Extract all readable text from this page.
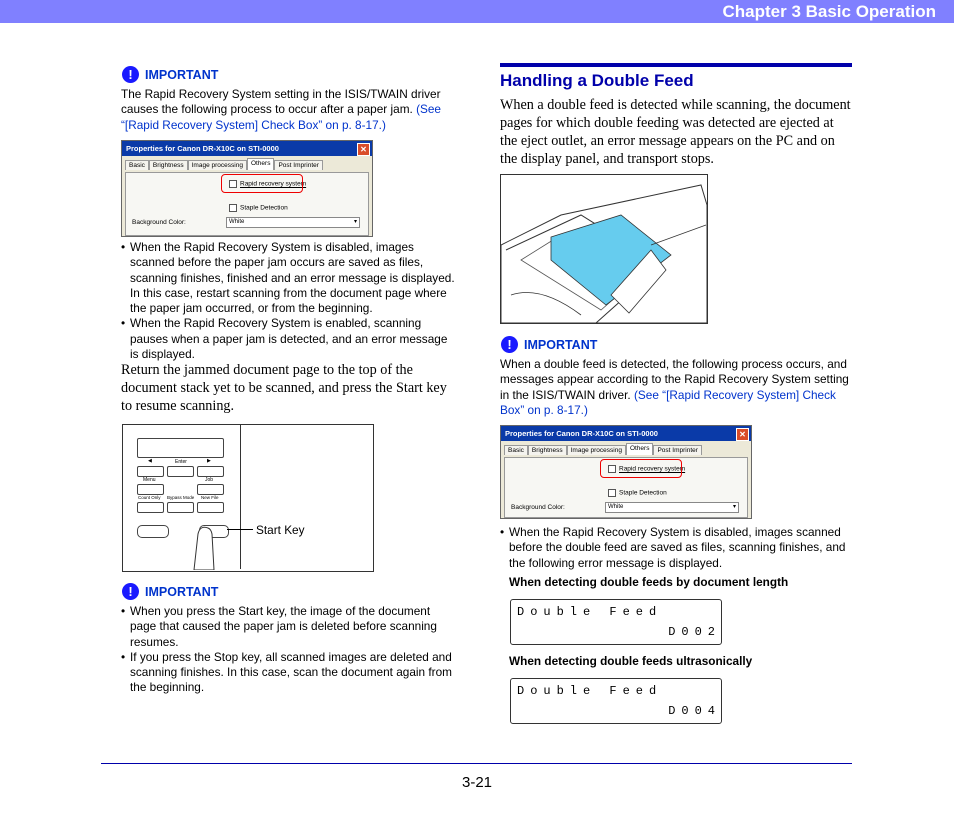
Chapter 3 Basic Operation
! IMPORTANT
The Rapid Recovery System setting in the ISIS/TWAIN driver causes the following process to occur after a paper jam. (See “[Rapid Recovery System] Check Box” on p. 8-17.)
Properties for Canon DR-X10C on STI-0000	✕
Basic	Brightness	Image processing	Others	Post Imprinter
Rapid recovery system
Staple Detection
Background Color:	White	▾
• When the Rapid Recovery System is disabled, images scanned before the paper jam occurs are saved as files, scanning finishes, finished and an error message is displayed. In this case, restart scanning from the document page where the paper jam occurred, or from the beginning.
• When the Rapid Recovery System is enabled, scanning pauses when a paper jam is detected, and an error message is displayed.
Return the jammed document page to the top of the document stack yet to be scanned, and press the Start key to resume scanning.
◀	Enter	▶
Menu	Job
Count Only Bypass Mode New File
Start Key
! IMPORTANT
• When you press the Start key, the image of the document page that caused the paper jam is deleted before scanning resumes.
• If you press the Stop key, all scanned images are deleted and scanning finishes. In this case, scan the document again from the beginning.
Handling a Double Feed
When a double feed is detected while scanning, the document pages for which double feeding was detected are ejected at the eject outlet, an error message appears on the PC and on the display panel, and transport stops.
! IMPORTANT
When a double feed is detected, the following process occurs, and messages appear according to the Rapid Recovery System setting in the ISIS/TWAIN driver. (See “[Rapid Recovery System] Check Box” on p. 8-17.)
Properties for Canon DR-X10C on STI-0000	✕
Basic	Brightness	Image processing	Others	Post Imprinter
Rapid recovery system
Staple Detection
Background Color:	White	▾
• When the Rapid Recovery System is disabled, images scanned before the double feed are saved as files, scanning finishes, and the following error message is displayed.
When detecting double feeds by document length
Double Feed
D002
When detecting double feeds ultrasonically
Double Feed
D004
3-21
